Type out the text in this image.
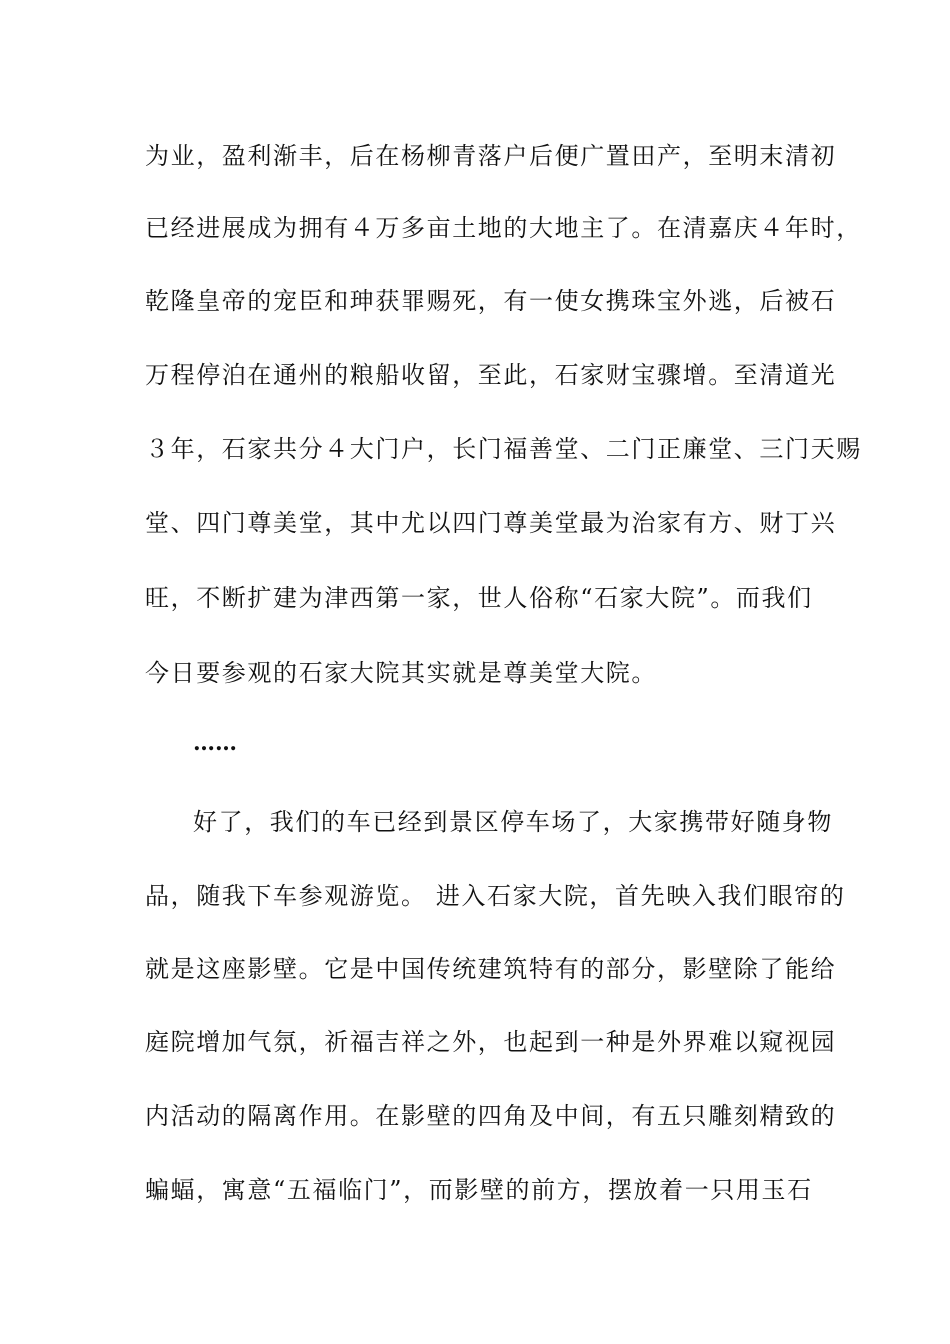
为业，盈利渐丰，后在杨柳青落户后便广置田产，至明末清初
已经进展成为拥有４万多亩土地的大地主了。在清嘉庆４年时，
乾隆皇帝的宠臣和珅获罪赐死，有一使女携珠宝外逃，后被石
万程停泊在通州的粮船收留，至此，石家财宝骤增。至清道光
３年，石家共分４大门户，长门福善堂、二门正廉堂、三门天赐
堂、四门尊美堂，其中尤以四门尊美堂最为治家有方、财丁兴
旺，不断扩建为津西第一家，世人俗称“石家大院”。而我们
今日要参观的石家大院其实就是尊美堂大院。
……
好了，我们的车已经到景区停车场了，大家携带好随身物
品，随我下车参观游览。 进入石家大院，首先映入我们眼帘的
就是这座影壁。它是中国传统建筑特有的部分，影壁除了能给
庭院增加气氛，祈福吉祥之外，也起到一种是外界难以窥视园
内活动的隔离作用。在影壁的四角及中间，有五只雕刻精致的
蝙蝠，寓意“五福临门”，而影壁的前方，摆放着一只用玉石
